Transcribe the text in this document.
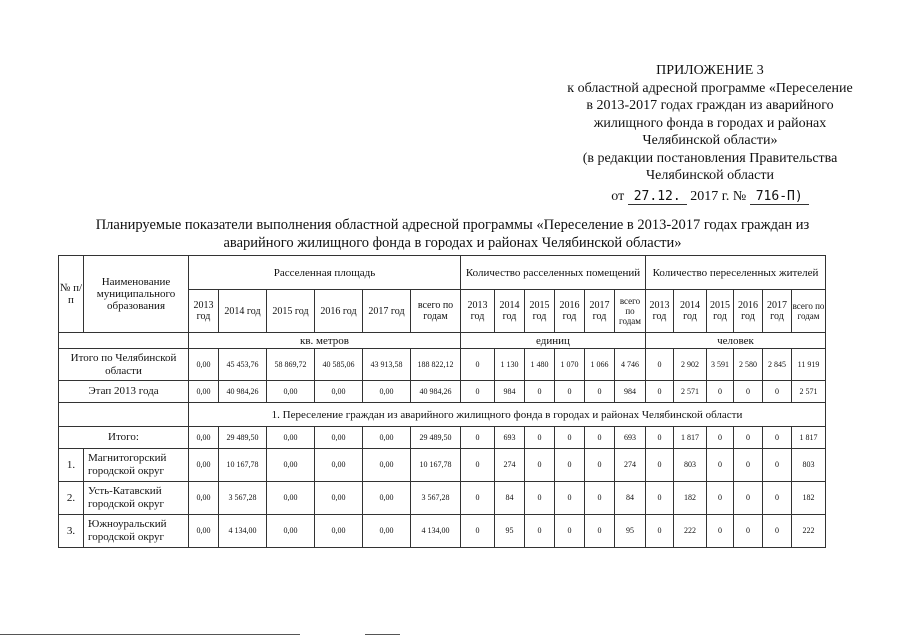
ПРИЛОЖЕНИЕ 3
к областной адресной программе «Переселение
в 2013-2017 годах граждан из аварийного
жилищного фонда в городах и районах
Челябинской области»
(в редакции постановления Правительства
Челябинской области
от 27.12. 2017 г. № 716-П)
Планируемые показатели выполнения областной адресной программы «Переселение в 2013-2017 годах граждан из
аварийного жилищного фонда в городах и районах Челябинской области»
№ п/п	Наименование муниципального образования	Расселенная площадь						Количество расселенных помещений						Количество переселенных жителей					
		2013 год	2014 год	2015 год	2016 год	2017 год	всего по годам	2013 год	2014 год	2015 год	2016 год	2017 год	всего по годам	2013 год	2014 год	2015 год	2016 год	2017 год	всего по годам
		кв. метров						единиц						человек					
Итого по Челябинской области		0,00	45 453,76	58 869,72	40 585,06	43 913,58	188 822,12	0	1 130	1 480	1 070	1 066	4 746	0	2 902	3 591	2 580	2 845	11 919
Этап 2013 года		0,00	40 984,26	0,00	0,00	0,00	40 984,26	0	984	0	0	0	984	0	2 571	0	0	0	2 571
		1. Переселение граждан из аварийного жилищного фонда в городах и районах Челябинской области																	
Итого:		0,00	29 489,50	0,00	0,00	0,00	29 489,50	0	693	0	0	0	693	0	1 817	0	0	0	1 817
1.	Магнитогорский городской округ	0,00	10 167,78	0,00	0,00	0,00	10 167,78	0	274	0	0	0	274	0	803	0	0	0	803
2.	Усть-Катавский городской округ	0,00	3 567,28	0,00	0,00	0,00	3 567,28	0	84	0	0	0	84	0	182	0	0	0	182
3.	Южноуральский городской округ	0,00	4 134,00	0,00	0,00	0,00	4 134,00	0	95	0	0	0	95	0	222	0	0	0	222
